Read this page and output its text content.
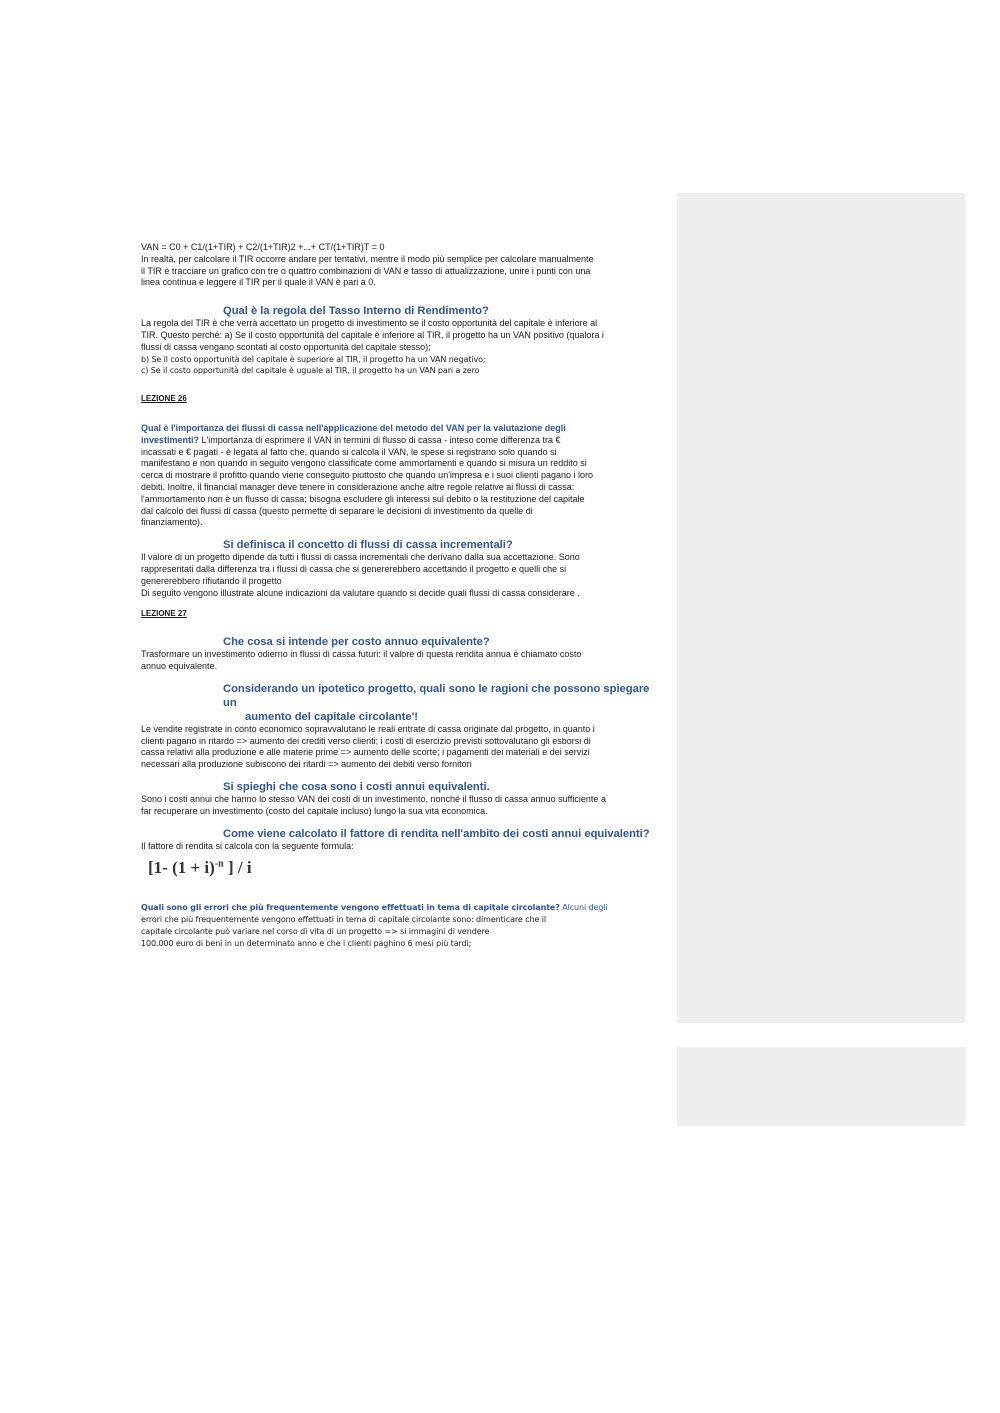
VAN = C0 + C1/(1+TIR) + C2/(1+TIR)2 +...+ CT/(1+TIR)T = 0

In realtà, per calcolare il TIR occorre andare per tentativi, mentre il modo più semplice per calcolare manualmente

il TIR è tracciare un grafico con tre o quattro combinazioni di VAN e tasso di attualizzazione, unire i punti con una

linea continua e leggere il TIR per il quale il VAN è pari a 0.

Qual è la regola del Tasso Interno di Rendimento?

La regola del TIR è che verrà accettato un progetto di investimento se il costo opportunità del capitale è inferiore al

TIR. Questo perché: a) Se il costo opportunità del capitale è inferiore al TIR, il progetto ha un VAN positivo (qualora i

flussi di cassa vengano scontati al costo opportunità del capitale stesso);

b) Se il costo opportunità del capitale è superiore al TIR, il progetto ha un VAN negativo;

c) Se il costo opportunità del capitale è uguale al TIR, il progetto ha un VAN pari a zero

LEZIONE 26

Qual è l'importanza dei flussi di cassa nell'applicazione del metodo del VAN per la valutazione degli

investimenti? L'importanza di esprimere il VAN in termini di flusso di cassa - inteso come differenza tra €

incassati e € pagati - è legata al fatto che, quando si calcola il VAN, le spese si registrano solo quando si

manifestano e non quando in seguito vengono classificate come ammortamenti e quando si misura un reddito si

cerca di mostrare il profitto quando viene conseguito piuttosto che quando un'impresa e i suoi clienti pagano i loro

debiti. Inoltre, il financial manager deve tenere in considerazione anche altre regole relative ai flussi di cassa:

l'ammortamento non è un flusso di cassa; bisogna escludere gli interessi sul debito o la restituzione del capitale

dal calcolo dei flussi di cassa (questo permette di separare le decisioni di investimento da quelle di

finanziamento).

Si definisca il concetto di flussi di cassa incrementali?

Il valore di un progetto dipende da tutti i flussi di cassa incrementali che derivano dalla sua accettazione. Sono

rappresentati dalla differenza tra i flussi di cassa che si genererebbero accettando il progetto e quelli che si

genererebbero rifiutando il progetto

Di seguito vengono illustrate alcune indicazioni da valutare quando si decide quali flussi di cassa considerare .

LEZIONE 27

Che cosa si intende per costo annuo equivalente?

Trasformare un investimento odierno in flussi di cassa futuri: il valore di questa rendita annua è chiamato costo

annuo equivalente.

Considerando un ipotetico progetto, quali sono le ragioni che possono spiegare un
aumento del capitale circolante'!

Le vendite registrate in conto economico sopravvalutano le reali entrate di cassa originate dal progetto, in quanto i

clienti pagano in ritardo => aumento dei crediti verso clienti; i costi di esercizio previsti sottovalutano gli esborsi di

cassa relativi alla produzione e alle materie prime => aumento delle scorte; i pagamenti dei materiali e dei servizi

necessari alla produzione subiscono dei ritardi => aumento dei debiti verso fornitori

Si spieghi che cosa sono i costi annui equivalenti.

Sono i costi annui che hanno lo stesso VAN dei costi di un investimento, nonché il flusso di cassa annuo sufficiente a

far recuperare un investimento (costo del capitale incluso) lungo la sua vita economica.

Come viene calcolato il fattore di rendita nell'ambito dei costi annui equivalenti?

Il fattore di rendita si calcola con la seguente formula:

[1- $(1 + i)^{-n}$ ] / i

Quali sono gli errori che più frequentemente vengono effettuati in tema di capitale circolante? Alcuni degli

errori che più frequentemente vengono effettuati in tema di capitale circolante sono: dimenticare che il

capitale circolante può variare nel corso di vita di un progetto => si immagini di vendere

100.000 euro di beni in un determinato anno e che i clienti paghino 6 mesi più tardi;
